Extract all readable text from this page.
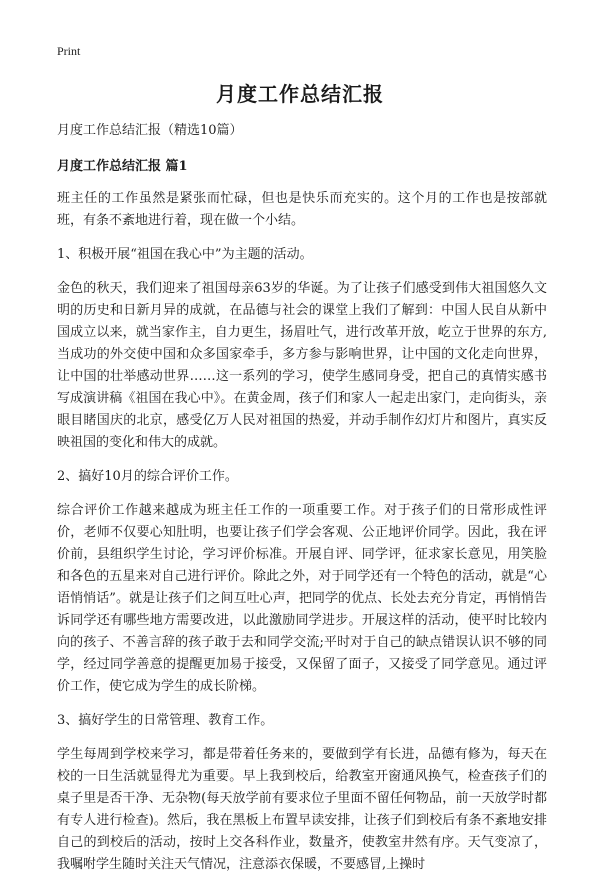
Print
月度工作总结汇报

月度工作总结汇报（精选10篇）

月度工作总结汇报 篇1

班主任的工作虽然是紧张而忙碌，但也是快乐而充实的。这个月的工作也是按部就班，有条不紊地进行着，现在做一个小结。

1、积极开展“祖国在我心中”为主题的活动。

金色的秋天，我们迎来了祖国母亲63岁的华诞。为了让孩子们感受到伟大祖国悠久文明的历史和日新月异的成就，在品德与社会的课堂上我们了解到：中国人民自从新中国成立以来，就当家作主，自力更生，扬眉吐气，进行改革开放，屹立于世界的东方,当成功的外交使中国和众多国家牵手，多方参与影响世界，让中国的文化走向世界，让中国的壮举感动世界……这一系列的学习，使学生感同身受，把自己的真情实感书写成演讲稿《祖国在我心中》。在黄金周，孩子们和家人一起走出家门，走向街头，亲眼目睹国庆的北京，感受亿万人民对祖国的热爱，并动手制作幻灯片和图片，真实反映祖国的变化和伟大的成就。

2、搞好10月的综合评价工作。

综合评价工作越来越成为班主任工作的一项重要工作。对于孩子们的日常形成性评价，老师不仅要心知肚明，也要让孩子们学会客观、公正地评价同学。因此，我在评价前，县组织学生讨论，学习评价标准。开展自评、同学评，征求家长意见，用笑脸和各色的五星来对自己进行评价。除此之外，对于同学还有一个特色的活动，就是“心语悄悄话”。就是让孩子们之间互吐心声，把同学的优点、长处去充分肯定，再悄悄告诉同学还有哪些地方需要改进，以此激励同学进步。开展这样的活动，使平时比较内向的孩子、不善言辞的孩子敢于去和同学交流;平时对于自己的缺点错误认识不够的同学，经过同学善意的提醒更加易于接受，又保留了面子，又接受了同学意见。通过评价工作，使它成为学生的成长阶梯。

3、搞好学生的日常管理、教育工作。

学生每周到学校来学习，都是带着任务来的，要做到学有长进，品德有修为，每天在校的一日生活就显得尤为重要。早上我到校后，给教室开窗通风换气，检查孩子们的桌子里是否干净、无杂物(每天放学前有要求位子里面不留任何物品，前一天放学时都有专人进行检查)。然后，我在黑板上布置早读安排，让孩子们到校后有条不紊地安排自己的到校后的活动，按时上交各科作业，数量齐，使教室井然有序。天气变凉了，我嘱咐学生随时关注天气情况，注意添衣保暖，不要感冒,上操时
